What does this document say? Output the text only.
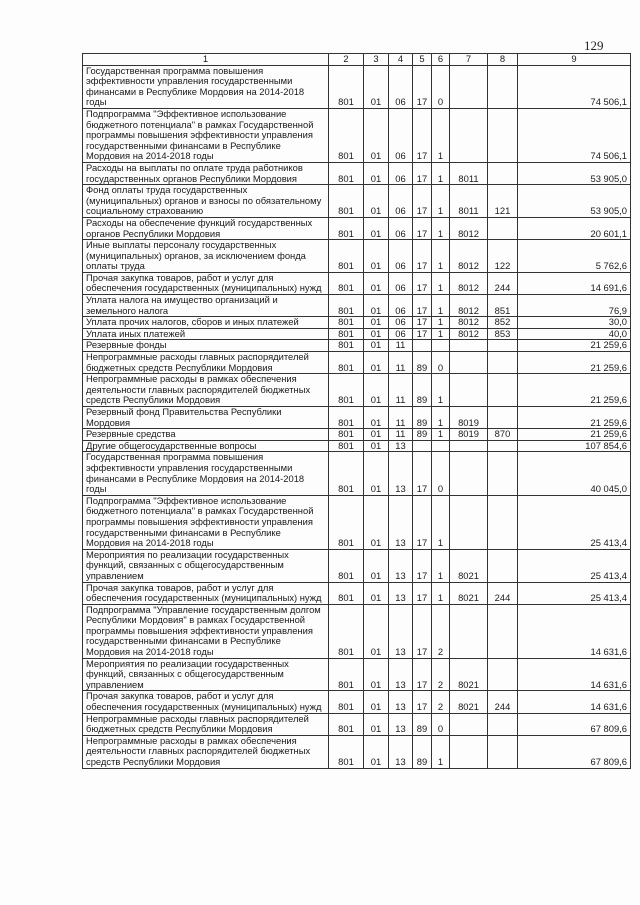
129
1	2	3	4	5	6	7	8	9
Государственная программа повышения эффективности управления государственными финансами в Республике Мордовия на 2014-2018 годы	801	01	06	17	0			74 506,1
Подпрограмма "Эффективное использование бюджетного потенциала" в рамках Государственной программы повышения эффективности управления государственными финансами в Республике Мордовия на 2014-2018 годы	801	01	06	17	1			74 506,1
Расходы на выплаты по оплате труда работников государственных органов Республики Мордовия	801	01	06	17	1	8011		53 905,0
Фонд оплаты труда государственных (муниципальных) органов и взносы по обязательному социальному страхованию	801	01	06	17	1	8011	121	53 905,0
Расходы на обеспечение функций государственных органов Республики Мордовия	801	01	06	17	1	8012		20 601,1
Иные выплаты персоналу государственных (муниципальных) органов, за исключением фонда оплаты труда	801	01	06	17	1	8012	122	5 762,6
Прочая закупка товаров, работ и услуг для обеспечения государственных (муниципальных) нужд	801	01	06	17	1	8012	244	14 691,6
Уплата налога на имущество организаций и земельного налога	801	01	06	17	1	8012	851	76,9
Уплата прочих налогов, сборов и иных платежей	801	01	06	17	1	8012	852	30,0
Уплата иных платежей	801	01	06	17	1	8012	853	40,0
Резервные фонды	801	01	11					21 259,6
Непрограммные расходы главных распорядителей бюджетных средств Республики Мордовия	801	01	11	89	0			21 259,6
Непрограммные расходы в рамках обеспечения деятельности главных распорядителей бюджетных средств Республики Мордовия	801	01	11	89	1			21 259,6
Резервный фонд Правительства Республики Мордовия	801	01	11	89	1	8019		21 259,6
Резервные средства	801	01	11	89	1	8019	870	21 259,6
Другие общегосударственные вопросы	801	01	13					107 854,6
Государственная программа повышения эффективности управления государственными финансами в Республике Мордовия на 2014-2018 годы	801	01	13	17	0			40 045,0
Подпрограмма "Эффективное использование бюджетного потенциала" в рамках Государственной программы повышения эффективности управления государственными финансами в Республике Мордовия на 2014-2018 годы	801	01	13	17	1			25 413,4
Мероприятия по реализации государственных функций, связанных с общегосударственным управлением	801	01	13	17	1	8021		25 413,4
Прочая закупка товаров, работ и услуг для обеспечения государственных (муниципальных) нужд	801	01	13	17	1	8021	244	25 413,4
Подпрограмма "Управление государственным долгом Республики Мордовия" в рамках Государственной программы повышения эффективности управления государственными финансами в Республике Мордовия на 2014-2018 годы	801	01	13	17	2			14 631,6
Мероприятия по реализации государственных функций, связанных с общегосударственным управлением	801	01	13	17	2	8021		14 631,6
Прочая закупка товаров, работ и услуг для обеспечения государственных (муниципальных) нужд	801	01	13	17	2	8021	244	14 631,6
Непрограммные расходы главных распорядителей бюджетных средств Республики Мордовия	801	01	13	89	0			67 809,6
Непрограммные расходы в рамках обеспечения деятельности главных распорядителей бюджетных средств Республики Мордовия	801	01	13	89	1			67 809,6
